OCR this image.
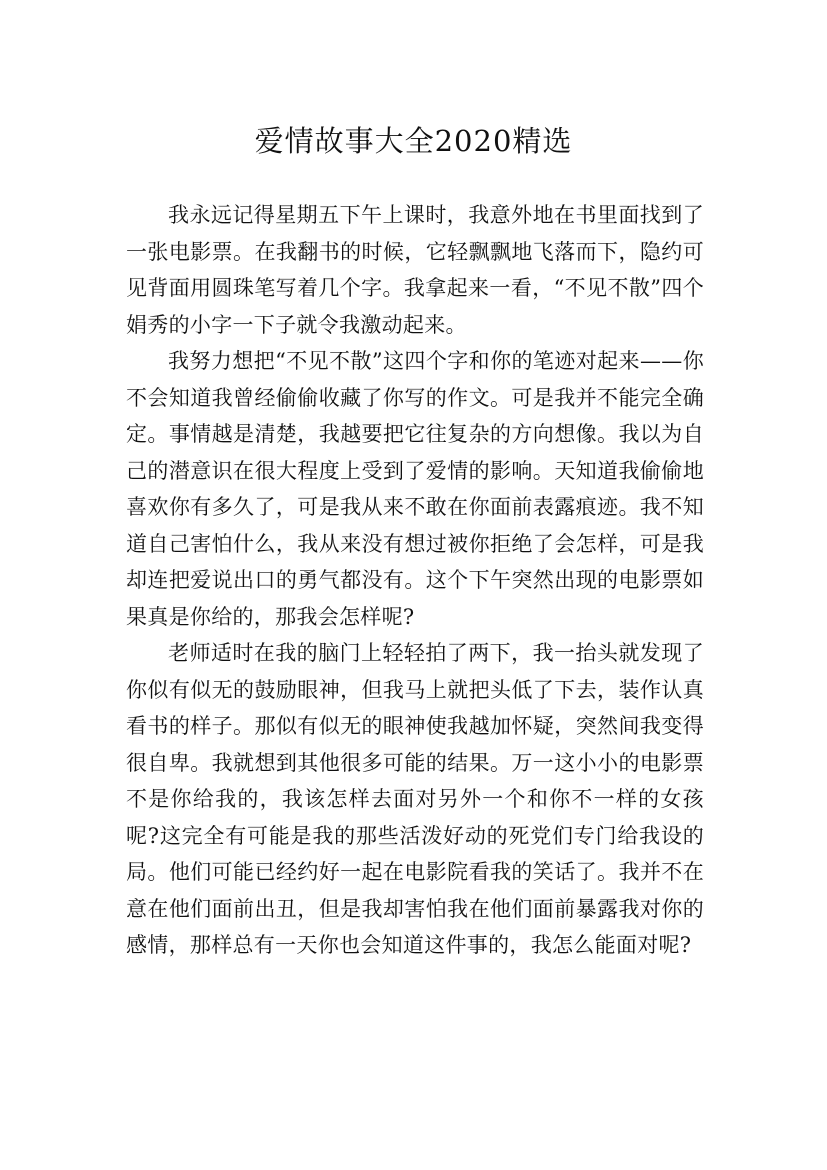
爱情故事大全2020精选

我永远记得星期五下午上课时，我意外地在书里面找到了一张电影票。在我翻书的时候，它轻飘飘地飞落而下，隐约可见背面用圆珠笔写着几个字。我拿起来一看，“不见不散”四个娟秀的小字一下子就令我激动起来。

我努力想把“不见不散”这四个字和你的笔迹对起来——你不会知道我曾经偷偷收藏了你写的作文。可是我并不能完全确定。事情越是清楚，我越要把它往复杂的方向想像。我以为自己的潜意识在很大程度上受到了爱情的影响。天知道我偷偷地喜欢你有多久了，可是我从来不敢在你面前表露痕迹。我不知道自己害怕什么，我从来没有想过被你拒绝了会怎样，可是我却连把爱说出口的勇气都没有。这个下午突然出现的电影票如果真是你给的，那我会怎样呢?

老师适时在我的脑门上轻轻拍了两下，我一抬头就发现了你似有似无的鼓励眼神，但我马上就把头低了下去，装作认真看书的样子。那似有似无的眼神使我越加怀疑，突然间我变得很自卑。我就想到其他很多可能的结果。万一这小小的电影票不是你给我的，我该怎样去面对另外一个和你不一样的女孩呢?这完全有可能是我的那些活泼好动的死党们专门给我设的局。他们可能已经约好一起在电影院看我的笑话了。我并不在意在他们面前出丑，但是我却害怕我在他们面前暴露我对你的感情，那样总有一天你也会知道这件事的，我怎么能面对呢?
